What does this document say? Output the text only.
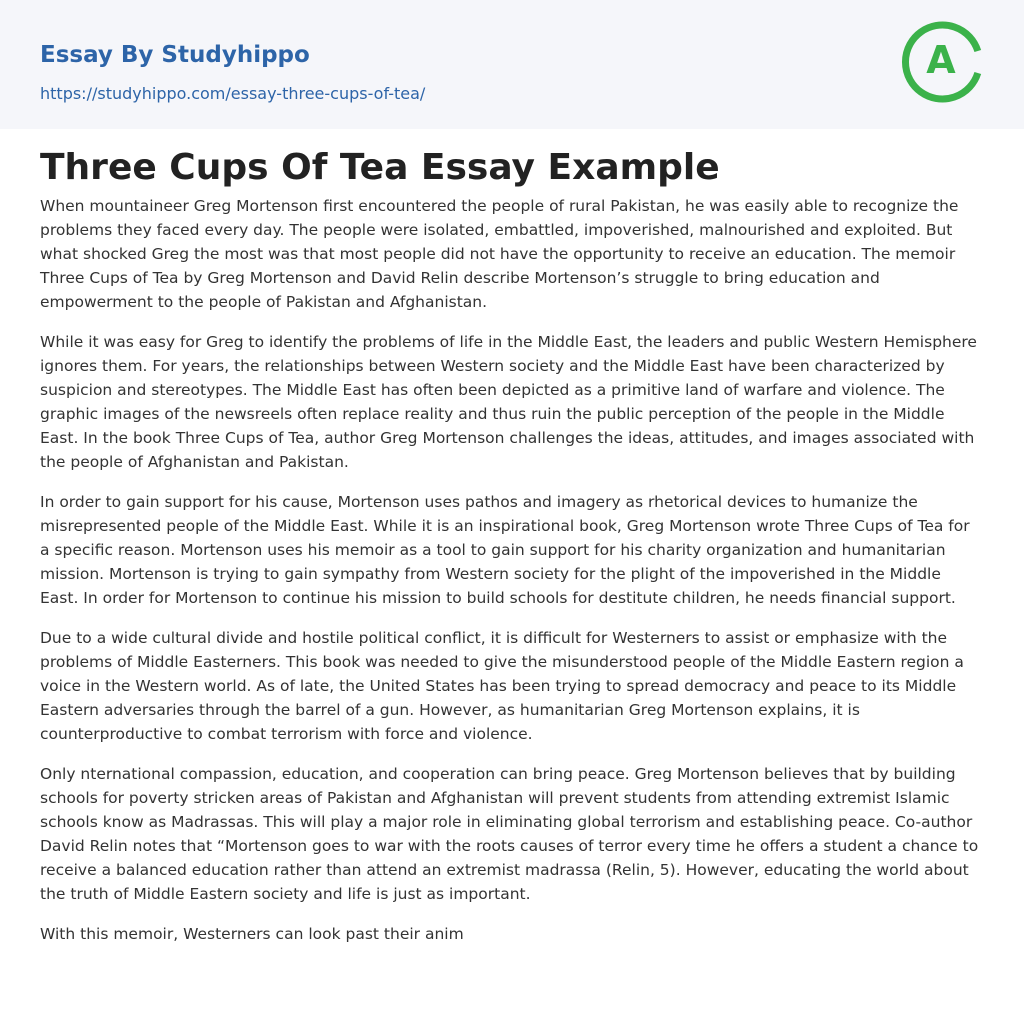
Essay By Studyhippo
https://studyhippo.com/essay-three-cups-of-tea/
A
Three Cups Of Tea Essay Example

When mountaineer Greg Mortenson first encountered the people of rural Pakistan, he was easily able to recognize the problems they faced every day. The people were isolated, embattled, impoverished, malnourished and exploited. But what shocked Greg the most was that most people did not have the opportunity to receive an education. The memoir Three Cups of Tea by Greg Mortenson and David Relin describe Mortenson’s struggle to bring education and empowerment to the people of Pakistan and Afghanistan.

While it was easy for Greg to identify the problems of life in the Middle East, the leaders and public Western Hemisphere ignores them. For years, the relationships between Western society and the Middle East have been characterized by suspicion and stereotypes. The Middle East has often been depicted as a primitive land of warfare and violence. The graphic images of the newsreels often replace reality and thus ruin the public perception of the people in the Middle East. In the book Three Cups of Tea, author Greg Mortenson challenges the ideas, attitudes, and images associated with the people of Afghanistan and Pakistan.

In order to gain support for his cause, Mortenson uses pathos and imagery as rhetorical devices to humanize the misrepresented people of the Middle East. While it is an inspirational book, Greg Mortenson wrote Three Cups of Tea for a specific reason. Mortenson uses his memoir as a tool to gain support for his charity organization and humanitarian mission. Mortenson is trying to gain sympathy from Western society for the plight of the impoverished in the Middle East. In order for Mortenson to continue his mission to build schools for destitute children, he needs financial support.

Due to a wide cultural divide and hostile political conflict, it is difficult for Westerners to assist or emphasize with the problems of Middle Easterners. This book was needed to give the misunderstood people of the Middle Eastern region a voice in the Western world. As of late, the United States has been trying to spread democracy and peace to its Middle Eastern adversaries through the barrel of a gun. However, as humanitarian Greg Mortenson explains, it is counterproductive to combat terrorism with force and violence.

Only nternational compassion, education, and cooperation can bring peace. Greg Mortenson believes that by building schools for poverty stricken areas of Pakistan and Afghanistan will prevent students from attending extremist Islamic schools know as Madrassas. This will play a major role in eliminating global terrorism and establishing peace. Co-author David Relin notes that “Mortenson goes to war with the roots causes of terror every time he offers a student a chance to receive a balanced education rather than attend an extremist madrassa (Relin, 5). However, educating the world about the truth of Middle Eastern society and life is just as important.

With this memoir, Westerners can look past their anim
